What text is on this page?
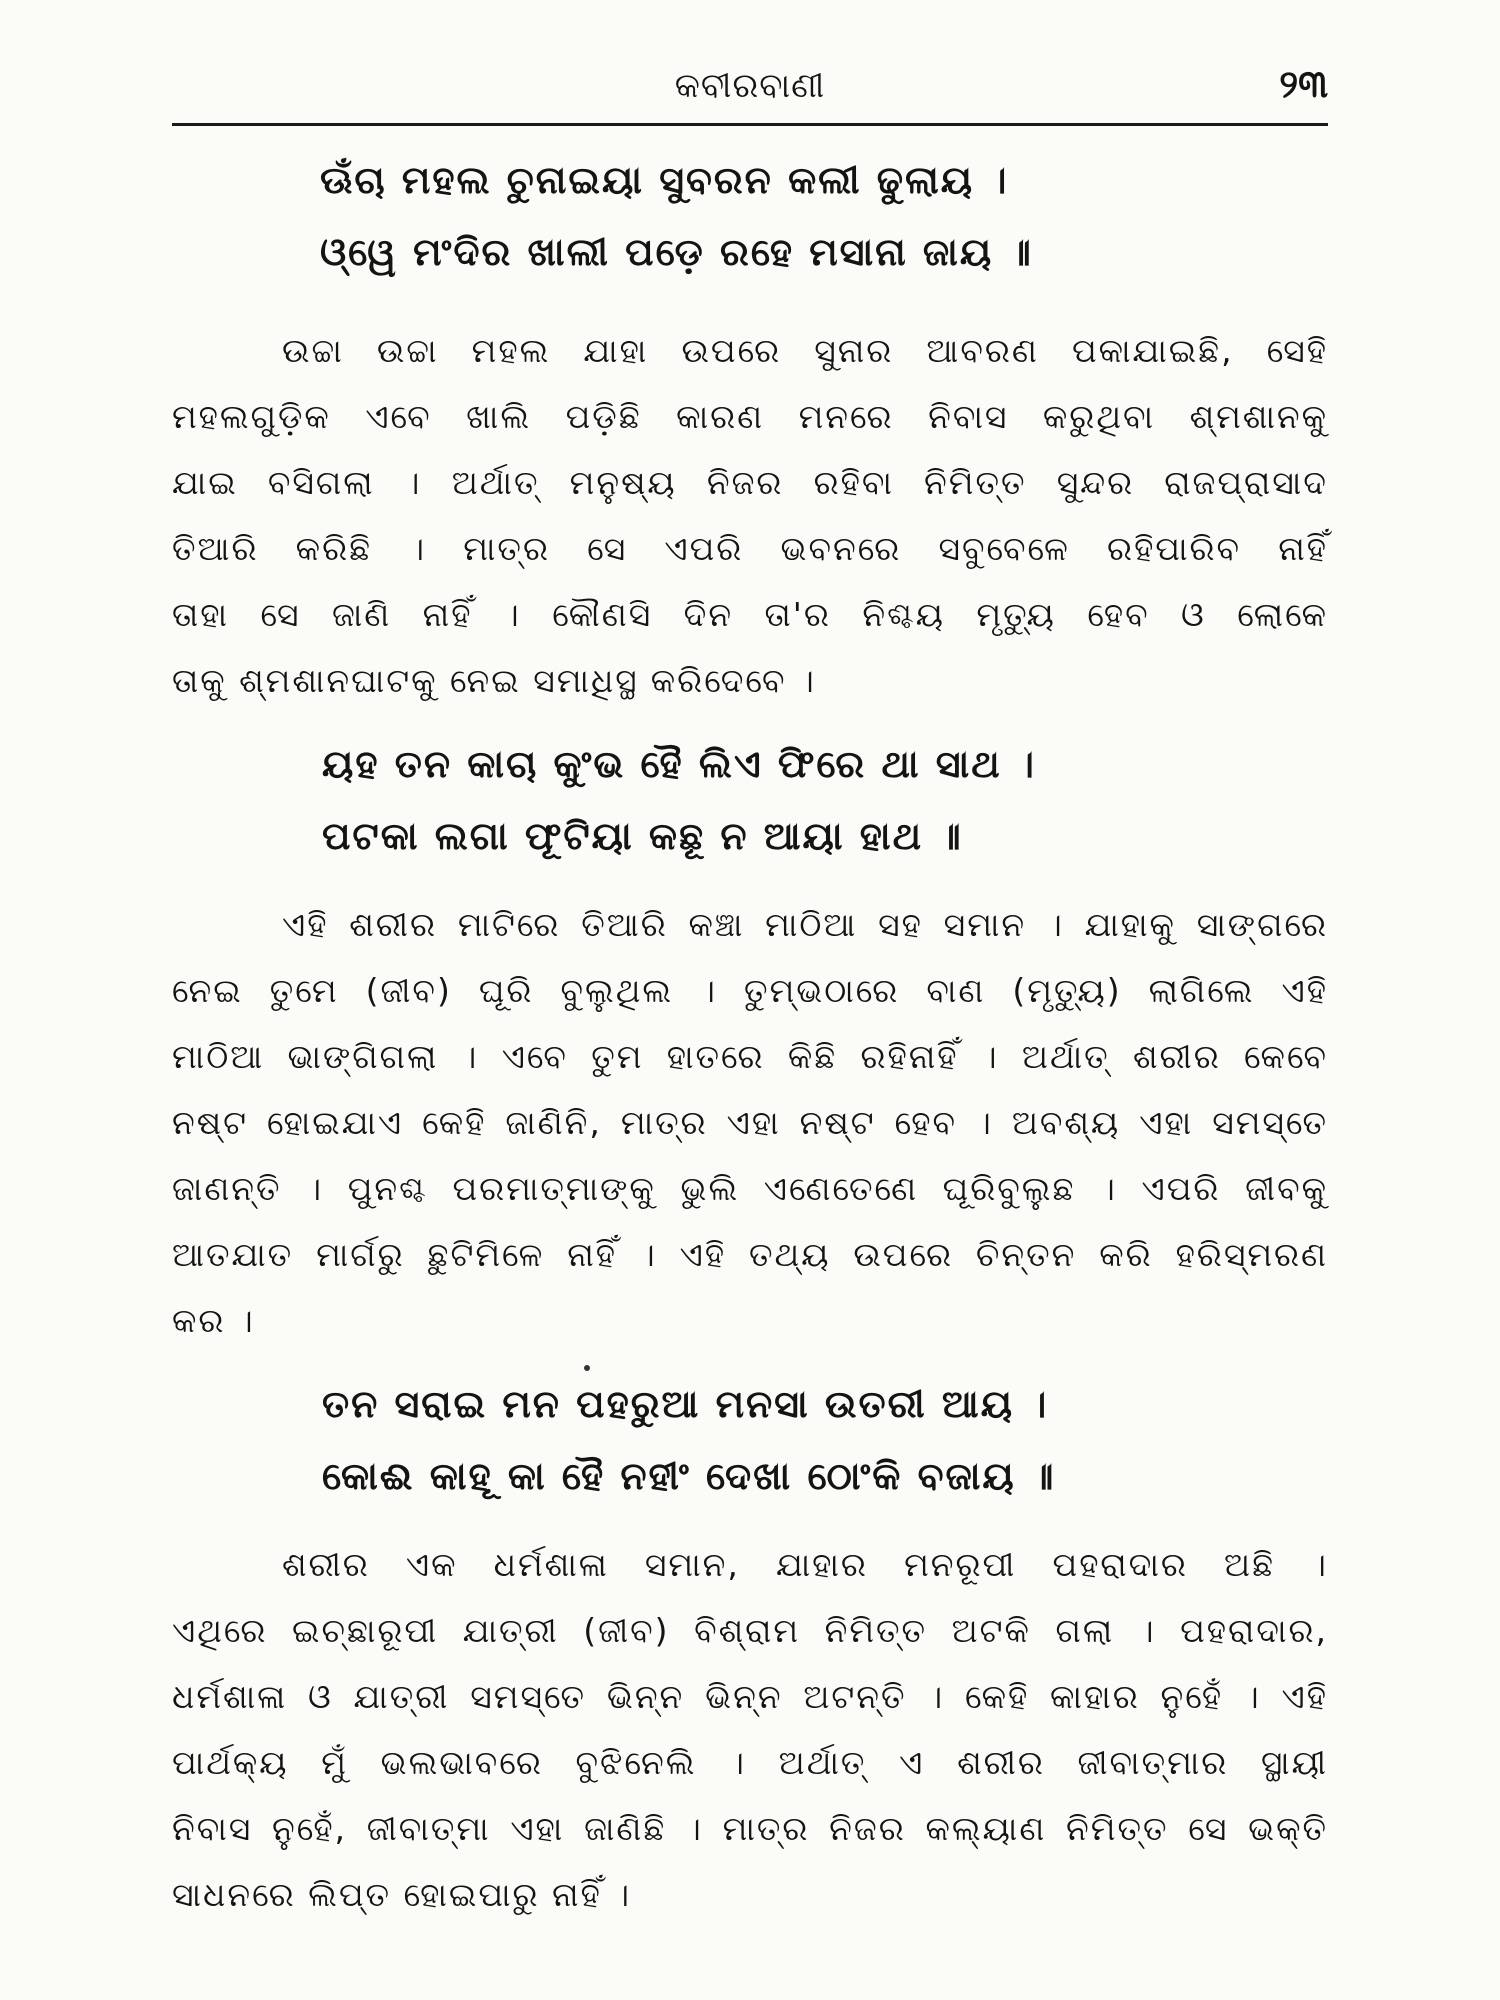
କବୀରବାଣୀ	୨୩
ଊଁଚା ମହଲ ଚୁନାଇୟା ସୁବରନ କଲୀ ଢୁଲାୟ ।
ଓ୍ୱେ ମଂଦିର ଖାଲୀ ପଡ଼େ ରହେ ମସାନା ଜାୟ ॥
ଉଚ୍ଚା ଉଚ୍ଚା ମହଲ ଯାହା ଉପରେ ସୁନାର ଆବରଣ ପକାଯାଇଛି, ସେହି
ମହଲଗୁଡ଼ିକ ଏବେ ଖାଲି ପଡ଼ିଛି କାରଣ ମନରେ ନିବାସ କରୁଥିବା ଶ୍ମଶାନକୁ
ଯାଇ ବସିଗଲା । ଅର୍ଥାତ୍ ମନୁଷ୍ୟ ନିଜର ରହିବା ନିମିତ୍ତ ସୁନ୍ଦର ରାଜପ୍ରାସାଦ
ତିଆରି କରିଛି । ମାତ୍ର ସେ ଏପରି ଭବନରେ ସବୁବେଳେ ରହିପାରିବ ନାହିଁ
ତାହା ସେ ଜାଣି ନାହିଁ । କୌଣସି ଦିନ ତା'ର ନିଶ୍ଚୟ ମୃତ୍ୟୁ ହେବ ଓ ଲୋକେ
ତାକୁ ଶ୍ମଶାନଘାଟକୁ ନେଇ ସମାଧିସ୍ଥ କରିଦେବେ ।
ୟହ ତନ କାଚା କୁଂଭ ହୈ ଲିଏ ଫିରେ ଥା ସାଥ ।
ପଟକା ଲଗା ଫୂଟିୟା କଛୂ ନ ଆୟା ହାଥ ॥
ଏହି ଶରୀର ମାଟିରେ ତିଆରି କଞ୍ଚା ମାଠିଆ ସହ ସମାନ । ଯାହାକୁ ସାଙ୍ଗରେ
ନେଇ ତୁମେ (ଜୀବ) ଘୂରି ବୁଲୁଥିଲ । ତୁମ୍ଭଠାରେ ବାଣ (ମୃତ୍ୟୁ) ଲାଗିଲେ ଏହି
ମାଠିଆ ଭାଙ୍ଗିଗଲା । ଏବେ ତୁମ ହାତରେ କିଛି ରହିନାହିଁ । ଅର୍ଥାତ୍ ଶରୀର କେବେ
ନଷ୍ଟ ହୋଇଯାଏ କେହି ଜାଣିନି, ମାତ୍ର ଏହା ନଷ୍ଟ ହେବ । ଅବଶ୍ୟ ଏହା ସମସ୍ତେ
ଜାଣନ୍ତି । ପୁନଶ୍ଚ ପରମାତ୍ମାଙ୍କୁ ଭୁଲି ଏଣେତେଣେ ଘୂରିବୁଲୁଛ । ଏପରି ଜୀବକୁ
ଆତଯାତ ମାର୍ଗରୁ ଛୁଟିମିଳେ ନାହିଁ । ଏହି ତଥ୍ୟ ଉପରେ ଚିନ୍ତନ କରି ହରିସ୍ମରଣ
କର ।
ତନ ସରାଇ ମନ ପହରୁଆ ମନସା ଉତରୀ ଆୟ ।
କୋଈ କାହୂ କା ହୈ ନହୀଂ ଦେଖା ଠୋଂକି ବଜାୟ ॥
ଶରୀର ଏକ ଧର୍ମଶାଳା ସମାନ, ଯାହାର ମନରୂପୀ ପହରାଦାର ଅଛି ।
ଏଥିରେ ଇଚ୍ଛାରୂପୀ ଯାତ୍ରୀ (ଜୀବ) ବିଶ୍ରାମ ନିମିତ୍ତ ଅଟକି ଗଲା । ପହରାଦାର,
ଧର୍ମଶାଳା ଓ ଯାତ୍ରୀ ସମସ୍ତେ ଭିନ୍ନ ଭିନ୍ନ ଅଟନ୍ତି । କେହି କାହାର ନୁହେଁ । ଏହି
ପାର୍ଥକ୍ୟ ମୁଁ ଭଲଭାବରେ ବୁଝିନେଲି । ଅର୍ଥାତ୍ ଏ ଶରୀର ଜୀବାତ୍ମାର ସ୍ଥାୟୀ
ନିବାସ ନୁହେଁ, ଜୀବାତ୍ମା ଏହା ଜାଣିଛି । ମାତ୍ର ନିଜର କଲ୍ୟାଣ ନିମିତ୍ତ ସେ ଭକ୍ତି
ସାଧନରେ ଲିପ୍ତ ହୋଇପାରୁ ନାହିଁ ।
